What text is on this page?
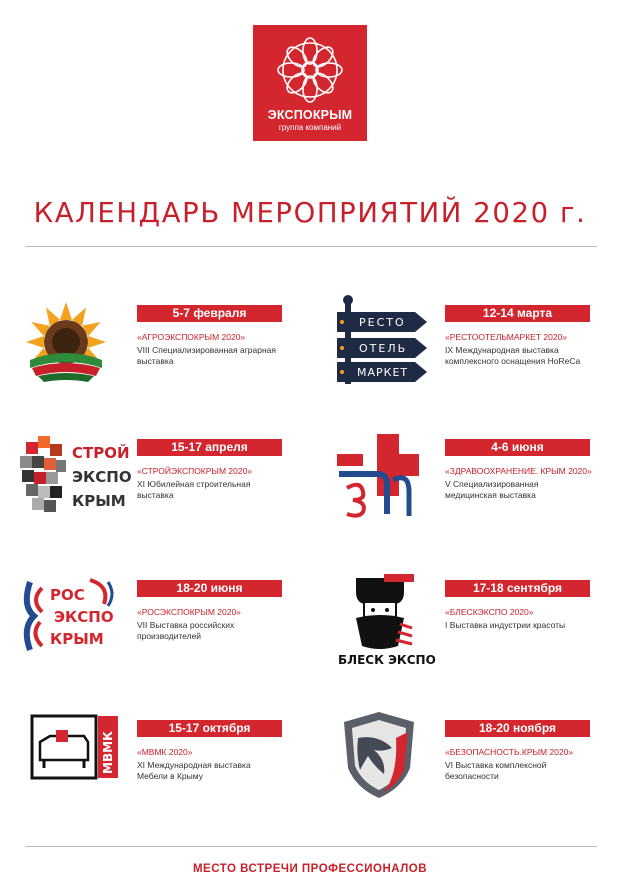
ЭКСПОКРЫМ
группа компаний
КАЛЕНДАРЬ МЕРОПРИЯТИЙ 2020 г.
5-7 февраля
«АГРОЭКСПОКРЫМ 2020»
VIII Специализированная аграрная выставка
РЕСТО
ОТЕЛЬ
МАРКЕТ
12-14 марта
«РЕСТООТЕЛЬМАРКЕТ 2020»
IX Международная выставка комплексного оснащения HoReCa
СТРОЙ
ЭКСПО
КРЫМ
15-17 апреля
«СТРОЙЭКСПОКРЫМ 2020»
XI Юбилейная строительная выставка
4-6 июня
«ЗДРАВООХРАНЕНИЕ. КРЫМ 2020»
V Специализированная медицинская выставка
РОС
ЭКСПО
КРЫМ
18-20 июня
«РОСЭКСПОКРЫМ 2020»
VII Выставка российских производителей
БЛЕСК ЭКСПО
17-18 сентября
«БЛЕСКЭКСПО 2020»
I Выставка индустрии красоты
МВМК
15-17 октября
«МВМК 2020»
XI Международная выставка Мебели в Крыму
18-20 ноября
«БЕЗОПАСНОСТЬ.КРЫМ 2020»
VI Выставка комплексной безопасности
МЕСТО ВСТРЕЧИ ПРОФЕССИОНАЛОВ
